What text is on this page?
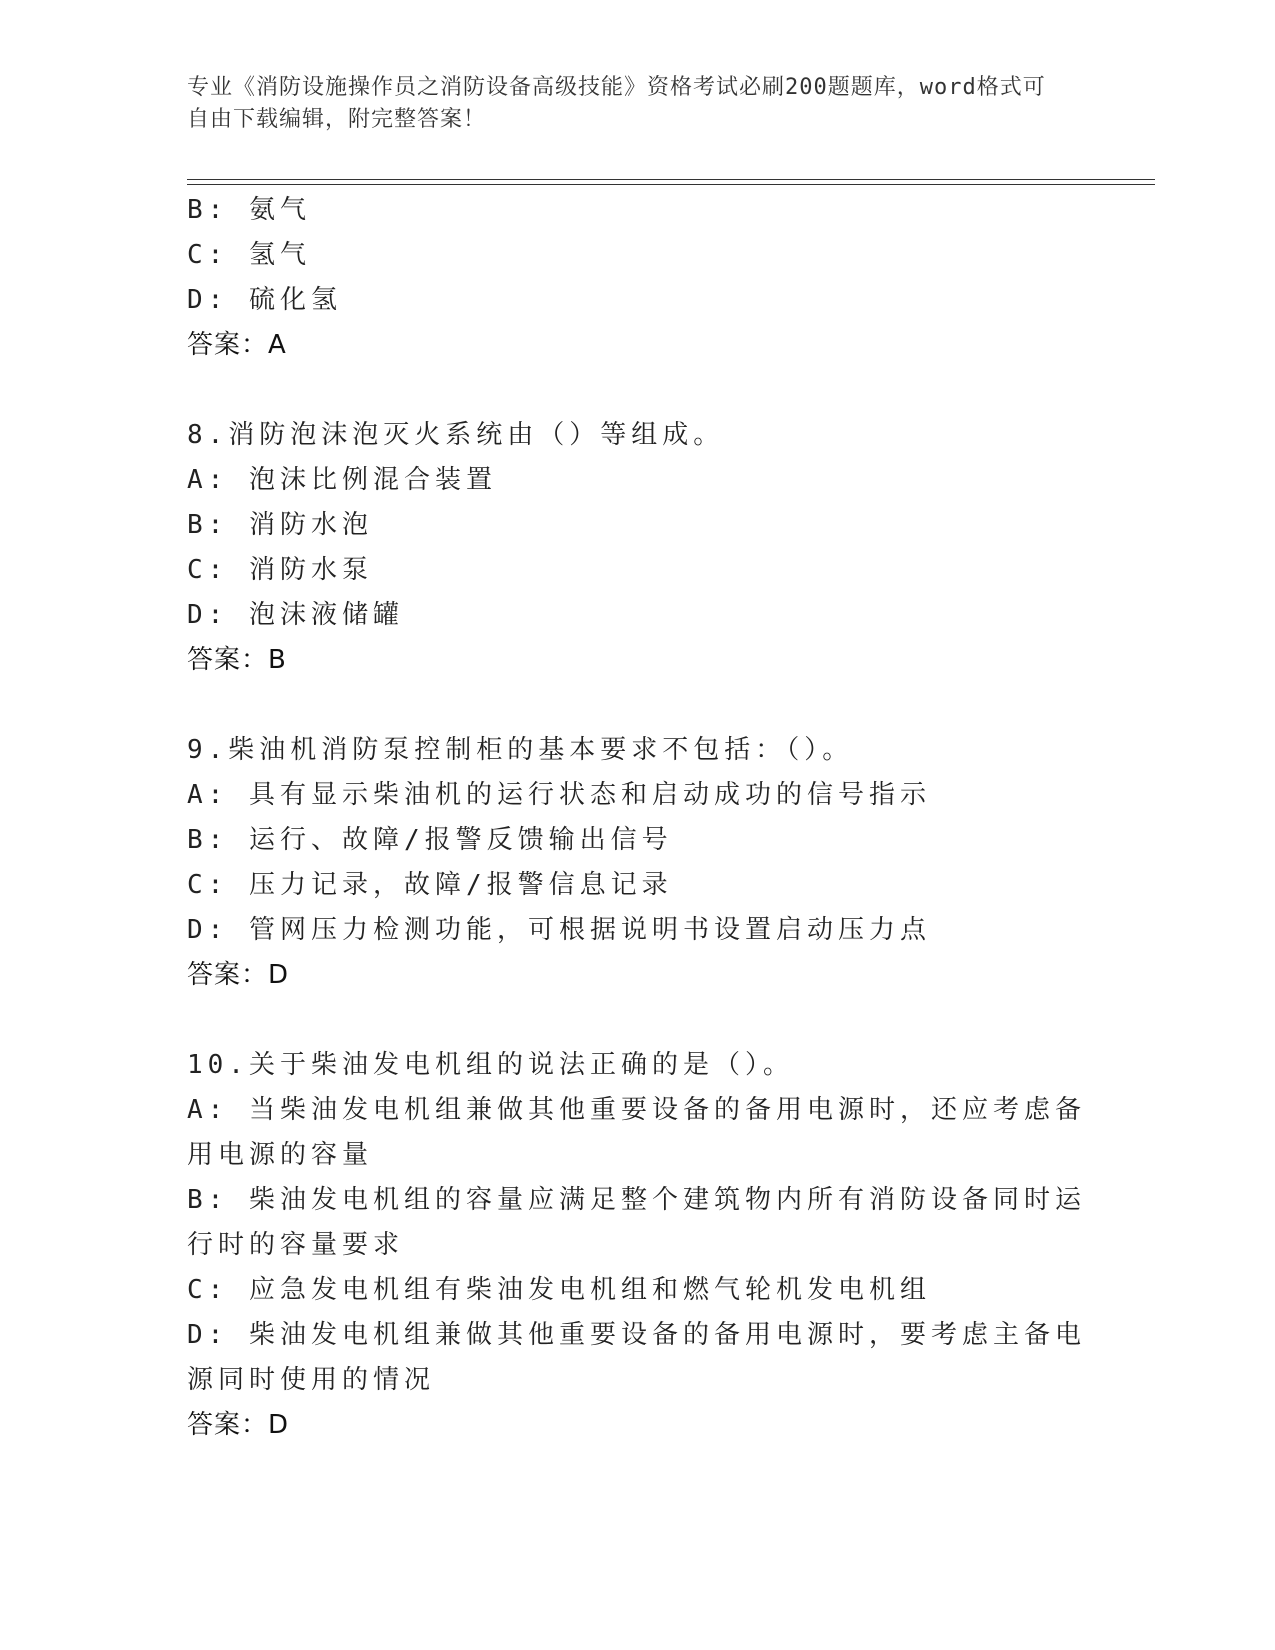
专业《消防设施操作员之消防设备高级技能》资格考试必刷200题题库，word格式可自由下载编辑，附完整答案！

B: 氨气

C: 氢气

D: 硫化氢

答案：A

8.消防泡沫泡灭火系统由（）等组成。

A: 泡沫比例混合装置

B: 消防水泡

C: 消防水泵

D: 泡沫液储罐

答案：B

9.柴油机消防泵控制柜的基本要求不包括：（）。

A: 具有显示柴油机的运行状态和启动成功的信号指示

B: 运行、故障/报警反馈输出信号

C: 压力记录，故障/报警信息记录

D: 管网压力检测功能，可根据说明书设置启动压力点

答案：D

10.关于柴油发电机组的说法正确的是（）。

A: 当柴油发电机组兼做其他重要设备的备用电源时，还应考虑备用电源的容量

B: 柴油发电机组的容量应满足整个建筑物内所有消防设备同时运行时的容量要求

C: 应急发电机组有柴油发电机组和燃气轮机发电机组

D: 柴油发电机组兼做其他重要设备的备用电源时，要考虑主备电源同时使用的情况

答案：D
